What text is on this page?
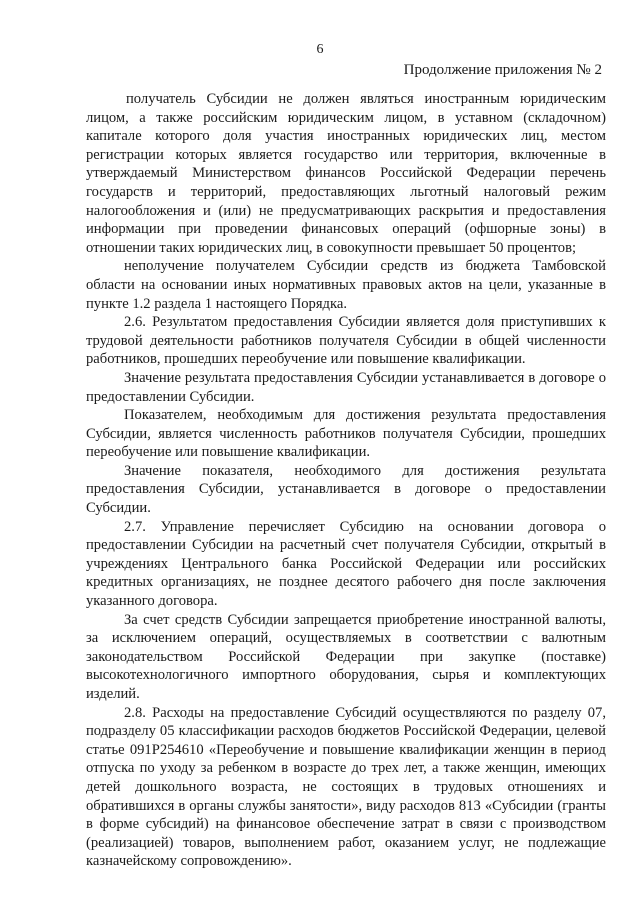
6
Продолжение приложения № 2

получатель Субсидии не должен являться иностранным юридическим лицом, а также российским юридическим лицом, в уставном (складочном) капитале которого доля участия иностранных юридических лиц, местом регистрации которых является государство или территория, включенные в утверждаемый Министерством финансов Российской Федерации перечень государств и территорий, предоставляющих льготный налоговый режим налогообложения и (или) не предусматривающих раскрытия и предоставления информации при проведении финансовых операций (офшорные зоны) в отношении таких юридических лиц, в совокупности превышает 50 процентов;

неполучение получателем Субсидии средств из бюджета Тамбовской области на основании иных нормативных правовых актов на цели, указанные в пункте 1.2 раздела 1 настоящего Порядка.

2.6. Результатом предоставления Субсидии является доля приступивших к трудовой деятельности работников получателя Субсидии в общей численности работников, прошедших переобучение или повышение квалификации.

Значение результата предоставления Субсидии устанавливается в договоре о предоставлении Субсидии.

Показателем, необходимым для достижения результата предоставления Субсидии, является численность работников получателя Субсидии, прошедших переобучение или повышение квалификации.

Значение показателя, необходимого для достижения результата предоставления Субсидии, устанавливается в договоре о предоставлении Субсидии.

2.7. Управление перечисляет Субсидию на основании договора о предоставлении Субсидии на расчетный счет получателя Субсидии, открытый в учреждениях Центрального банка Российской Федерации или российских кредитных организациях, не позднее десятого рабочего дня после заключения указанного договора.

За счет средств Субсидии запрещается приобретение иностранной валюты, за исключением операций, осуществляемых в соответствии с валютным законодательством Российской Федерации при закупке (поставке) высокотехнологичного импортного оборудования, сырья и комплектующих изделий.

2.8. Расходы на предоставление Субсидий осуществляются по разделу 07, подразделу 05 классификации расходов бюджетов Российской Федерации, целевой статье 091P254610 «Переобучение и повышение квалификации женщин в период отпуска по уходу за ребенком в возрасте до трех лет, а также женщин, имеющих детей дошкольного возраста, не состоящих в трудовых отношениях и обратившихся в органы службы занятости», виду расходов 813 «Субсидии (гранты в форме субсидий) на финансовое обеспечение затрат в связи с производством (реализацией) товаров, выполнением работ, оказанием услуг, не подлежащие казначейскому сопровождению».
